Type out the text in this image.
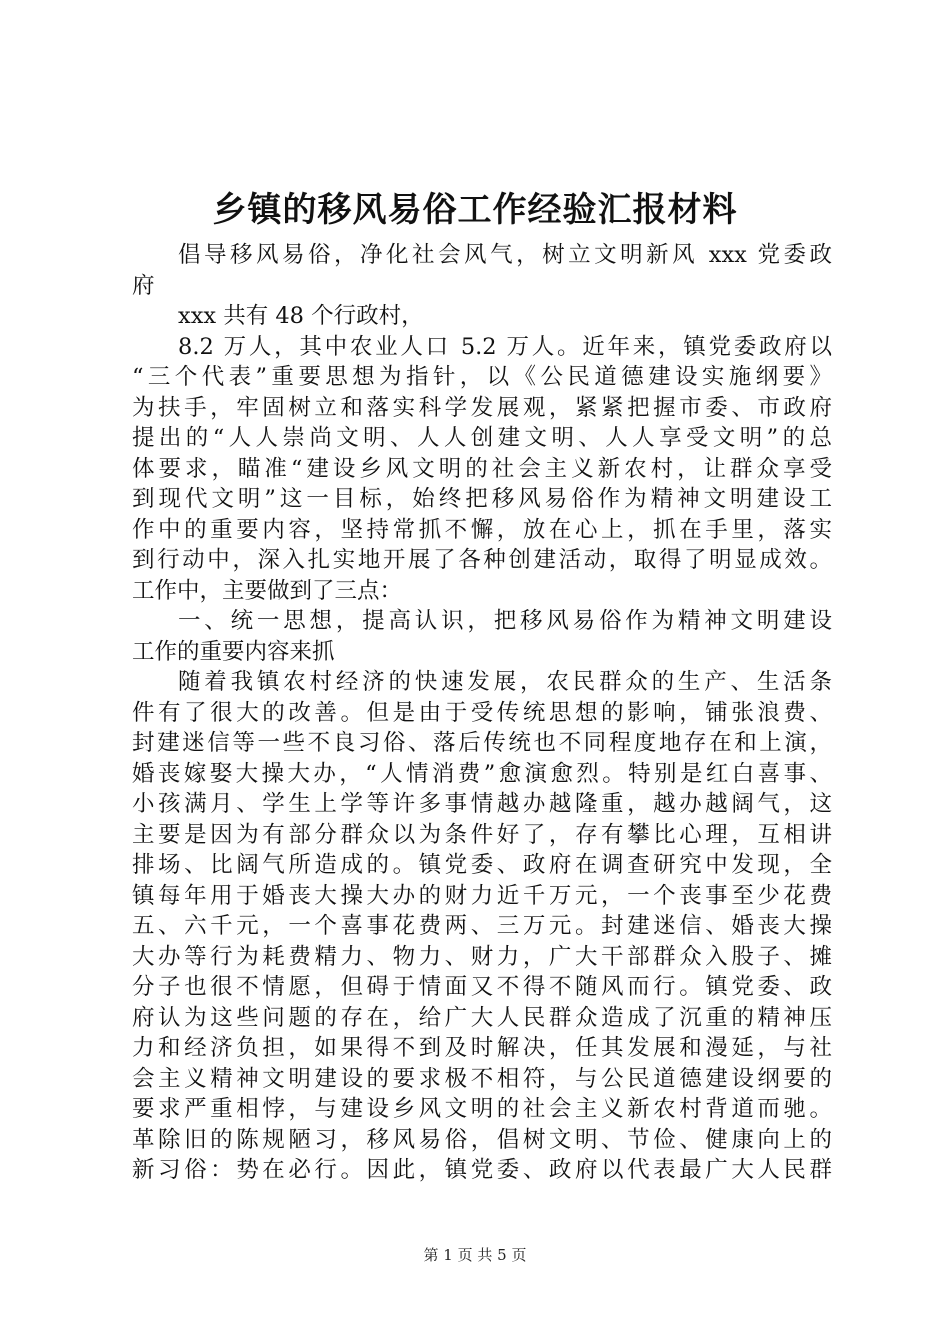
乡镇的移风易俗工作经验汇报材料
倡导移风易俗，净化社会风气，树立文明新风 xxx 党委政
府
xxx 共有 48 个行政村，
8.2 万人，其中农业人口 5.2 万人。近年来，镇党委政府以
“三个代表”重要思想为指针，以《公民道德建设实施纲要》
为扶手，牢固树立和落实科学发展观，紧紧把握市委、市政府
提出的“人人崇尚文明、人人创建文明、人人享受文明”的总
体要求，瞄准“建设乡风文明的社会主义新农村，让群众享受
到现代文明”这一目标，始终把移风易俗作为精神文明建设工
作中的重要内容，坚持常抓不懈，放在心上，抓在手里，落实
到行动中，深入扎实地开展了各种创建活动，取得了明显成效。
工作中，主要做到了三点：
一、统一思想，提高认识，把移风易俗作为精神文明建设
工作的重要内容来抓
随着我镇农村经济的快速发展，农民群众的生产、生活条
件有了很大的改善。但是由于受传统思想的影响，铺张浪费、
封建迷信等一些不良习俗、落后传统也不同程度地存在和上演，
婚丧嫁娶大操大办，“人情消费”愈演愈烈。特别是红白喜事、
小孩满月、学生上学等许多事情越办越隆重，越办越阔气，这
主要是因为有部分群众以为条件好了，存有攀比心理，互相讲
排场、比阔气所造成的。镇党委、政府在调查研究中发现，全
镇每年用于婚丧大操大办的财力近千万元，一个丧事至少花费
五、六千元，一个喜事花费两、三万元。封建迷信、婚丧大操
大办等行为耗费精力、物力、财力，广大干部群众入股子、摊
分子也很不情愿，但碍于情面又不得不随风而行。镇党委、政
府认为这些问题的存在，给广大人民群众造成了沉重的精神压
力和经济负担，如果得不到及时解决，任其发展和漫延，与社
会主义精神文明建设的要求极不相符，与公民道德建设纲要的
要求严重相悖，与建设乡风文明的社会主义新农村背道而驰。
革除旧的陈规陋习，移风易俗，倡树文明、节俭、健康向上的
新习俗：势在必行。因此，镇党委、政府以代表最广大人民群
第 1 页 共 5 页
